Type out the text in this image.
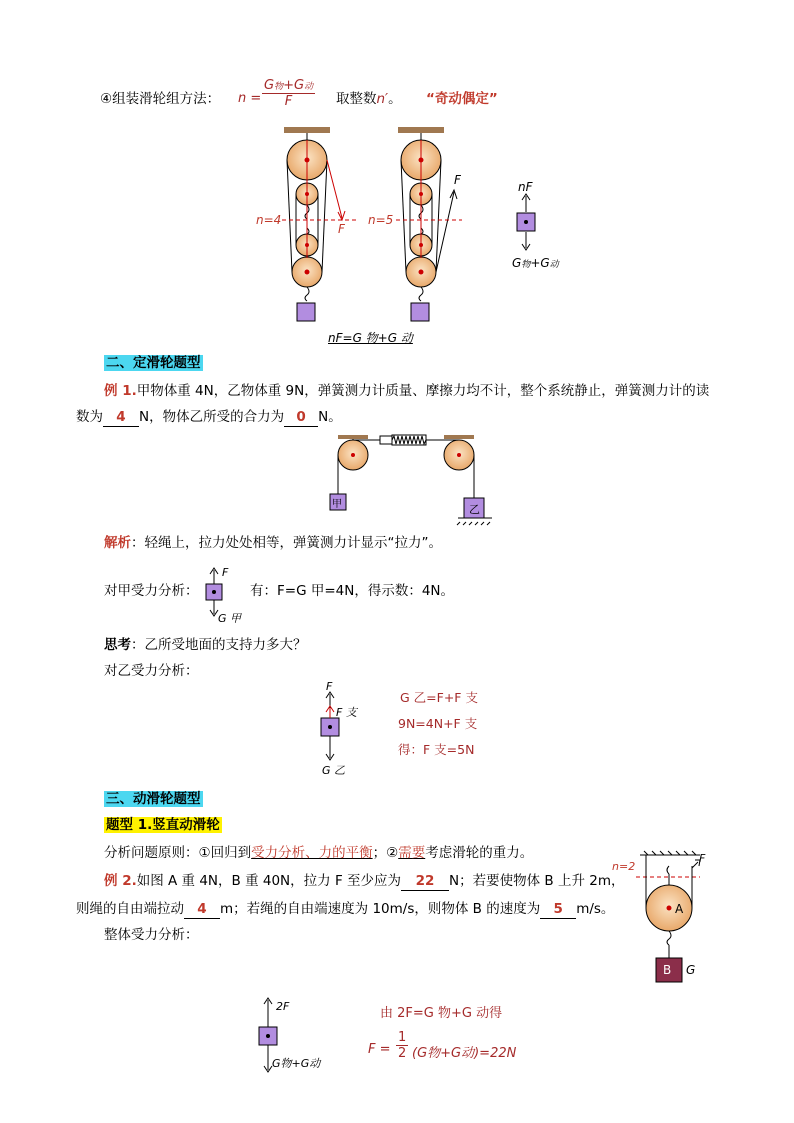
④组装滑轮组方法： n =
G物+G动
F	取整数n′。 “奇动偶定”
n=4	n=5
F
F	nF
G物+G动
nF=G 物+G 动
二、定滑轮题型
例 1.甲物体重 4N，乙物体重 9N，弹簧测力计质量、摩擦力均不计，整个系统静止，弹簧测力计的读
数为 4 N，物体乙所受的合力为 0 N。
甲	乙
解析：轻绳上，拉力处处相等，弹簧测力计显示“拉力”。
对甲受力分析：
F
G 甲
有：F=G 甲=4N，得示数：4N。
思考：乙所受地面的支持力多大？
对乙受力分析：
F
F 支
G 乙
G 乙=F+F 支
9N=4N+F 支
得：F 支=5N
三、动滑轮题型
题型 1.竖直动滑轮
分析问题原则：①回归到受力分析、力的平衡；②需要考虑滑轮的重力。
例 2.如图 A 重 4N，B 重 40N，拉力 F 至少应为 22 N；若要使物体 B 上升 2m，
则绳的自由端拉动 4 m；若绳的自由端速度为 10m/s，则物体 B 的速度为 5 m/s。
整体受力分析：
n=2
F
A
B G
2F
G物+G动
由 2F=G 物+G 动得
$F = \frac{1}{2} (G$物+G动)=22N
